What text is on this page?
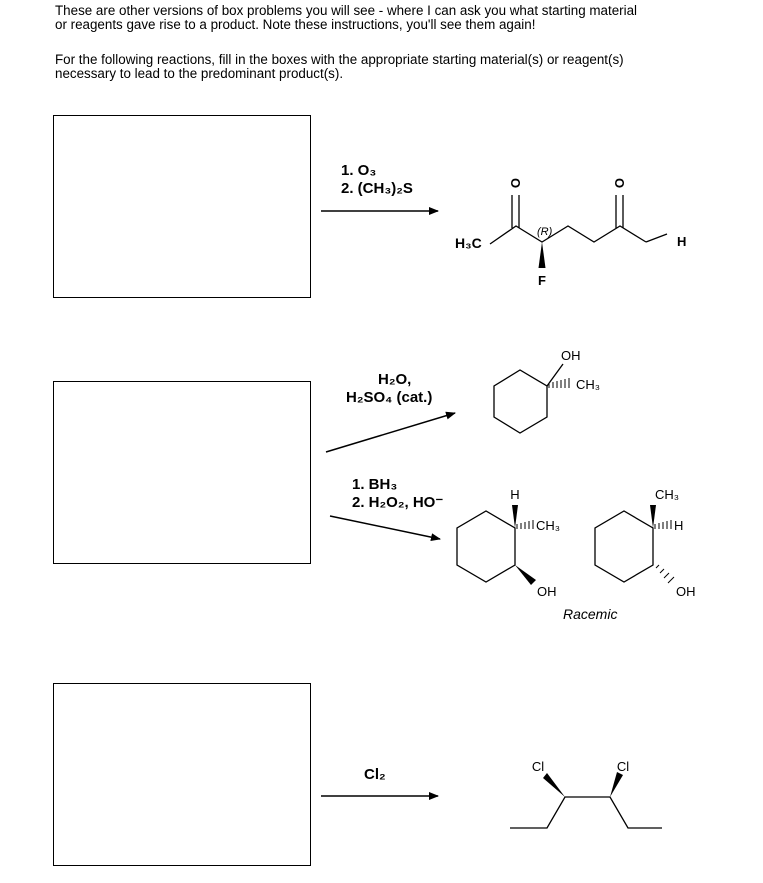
These are other versions of box problems you will see - where I can ask you what starting material
or reagents gave rise to a product. Note these instructions, you'll see them again!

For the following reactions, fill in the boxes with the appropriate starting material(s) or reagent(s)
necessary to lead to the predominant product(s).

1. O₃
2. (CH₃)₂S
H₂O,
H₂SO₄ (cat.)
1. BH₃
2. H₂O₂, HO⁻
Cl₂
H₃C
(R)
F
O	O
H
OH
CH₃
H
CH₃
OH
CH₃
H
OH
Racemic
Cl	Cl
